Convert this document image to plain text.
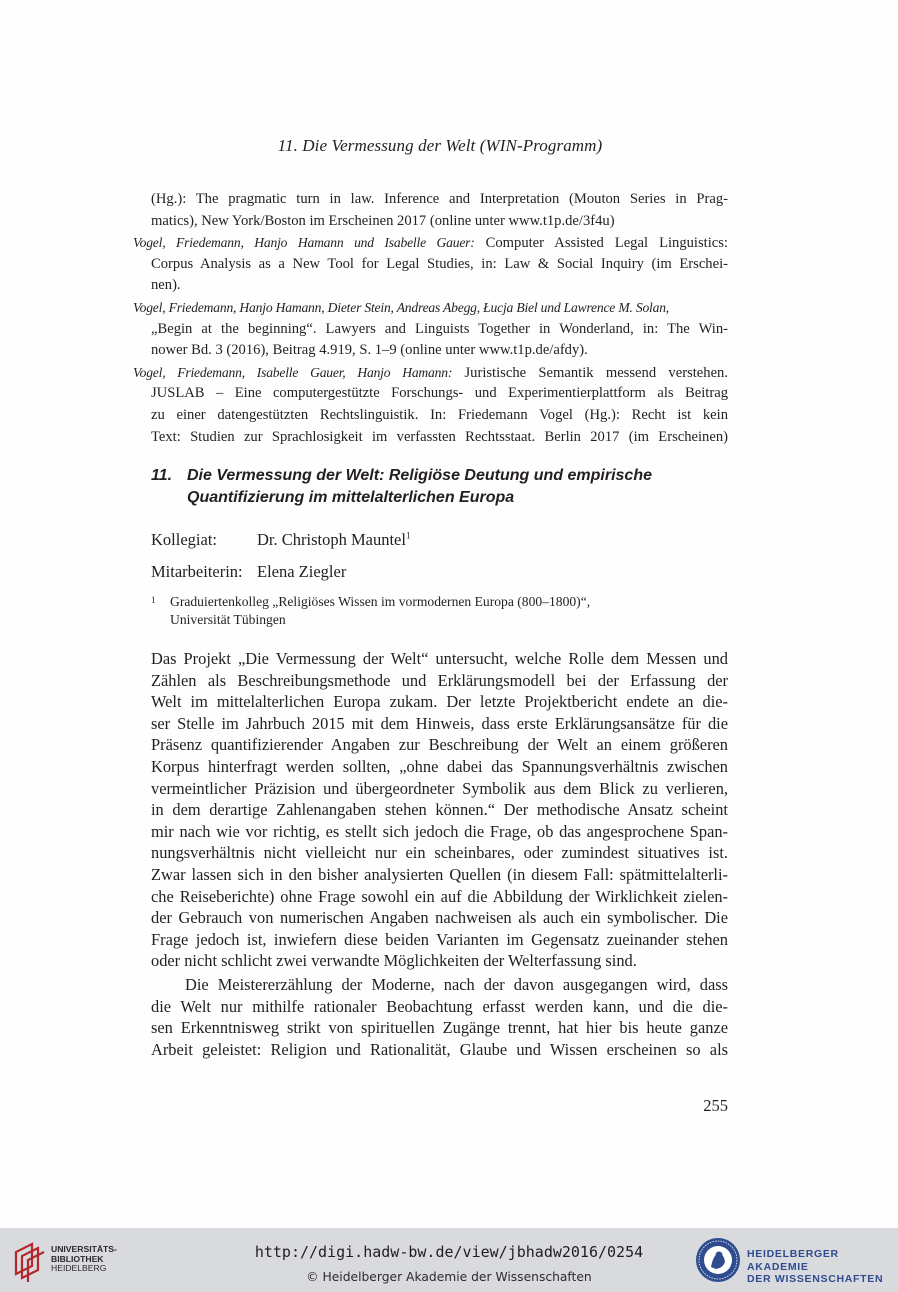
11. Die Vermessung der Welt (WIN-Programm)

(Hg.): The pragmatic turn in law. Inference and Interpretation (Mouton Series in Prag-
matics), New York/Boston im Erscheinen 2017 (online unter www.t1p.de/3f4u)

Vogel, Friedemann, Hanjo Hamann und Isabelle Gauer: Computer Assisted Legal Linguistics:
Corpus Analysis as a New Tool for Legal Studies, in: Law & Social Inquiry (im Erschei-
nen).

Vogel, Friedemann, Hanjo Hamann, Dieter Stein, Andreas Abegg, Łucja Biel und Lawrence M. Solan,
„Begin at the beginning“. Lawyers and Linguists Together in Wonderland, in: The Win-
nower Bd. 3 (2016), Beitrag 4.919, S. 1–9 (online unter www.t1p.de/afdy).

Vogel, Friedemann, Isabelle Gauer, Hanjo Hamann: Juristische Semantik messend verstehen.
JUSLAB – Eine computergestützte Forschungs- und Experimentierplattform als Beitrag
zu einer datengestützten Rechtslinguistik. In: Friedemann Vogel (Hg.): Recht ist kein
Text: Studien zur Sprachlosigkeit im verfassten Rechtsstaat. Berlin 2017 (im Erscheinen)

11. Die Vermessung der Welt: Religiöse Deutung und empirische
Quantifizierung im mittelalterlichen Europa
Kollegiat: Dr. Christoph Mauntel$^1$
Mitarbeiterin: Elena Ziegler
1 Graduiertenkolleg „Religiöses Wissen im vormodernen Europa (800–1800)“,
Universität Tübingen

Das Projekt „Die Vermessung der Welt“ untersucht, welche Rolle dem Messen und
Zählen als Beschreibungsmethode und Erklärungsmodell bei der Erfassung der
Welt im mittelalterlichen Europa zukam. Der letzte Projektbericht endete an die-
ser Stelle im Jahrbuch 2015 mit dem Hinweis, dass erste Erklärungsansätze für die
Präsenz quantifizierender Angaben zur Beschreibung der Welt an einem größeren
Korpus hinterfragt werden sollten, „ohne dabei das Spannungsverhältnis zwischen
vermeintlicher Präzision und übergeordneter Symbolik aus dem Blick zu verlieren,
in dem derartige Zahlenangaben stehen können.“ Der methodische Ansatz scheint
mir nach wie vor richtig, es stellt sich jedoch die Frage, ob das angesprochene Span-
nungsverhältnis nicht vielleicht nur ein scheinbares, oder zumindest situatives ist.
Zwar lassen sich in den bisher analysierten Quellen (in diesem Fall: spätmittelalterli-
che Reiseberichte) ohne Frage sowohl ein auf die Abbildung der Wirklichkeit zielen-
der Gebrauch von numerischen Angaben nachweisen als auch ein symbolischer. Die
Frage jedoch ist, inwiefern diese beiden Varianten im Gegensatz zueinander stehen
oder nicht schlicht zwei verwandte Möglichkeiten der Welterfassung sind.

Die Meistererzählung der Moderne, nach der davon ausgegangen wird, dass
die Welt nur mithilfe rationaler Beobachtung erfasst werden kann, und die die-
sen Erkenntnisweg strikt von spirituellen Zugänge trennt, hat hier bis heute ganze
Arbeit geleistet: Religion und Rationalität, Glaube und Wissen erscheinen so als

255
UNIVERSITÄTS-
BIBLIOTHEK
HEIDELBERG
http://digi.hadw-bw.de/view/jbhadw2016/0254
© Heidelberger Akademie der Wissenschaften
HEIDELBERGER AKADEMIE
DER WISSENSCHAFTEN
